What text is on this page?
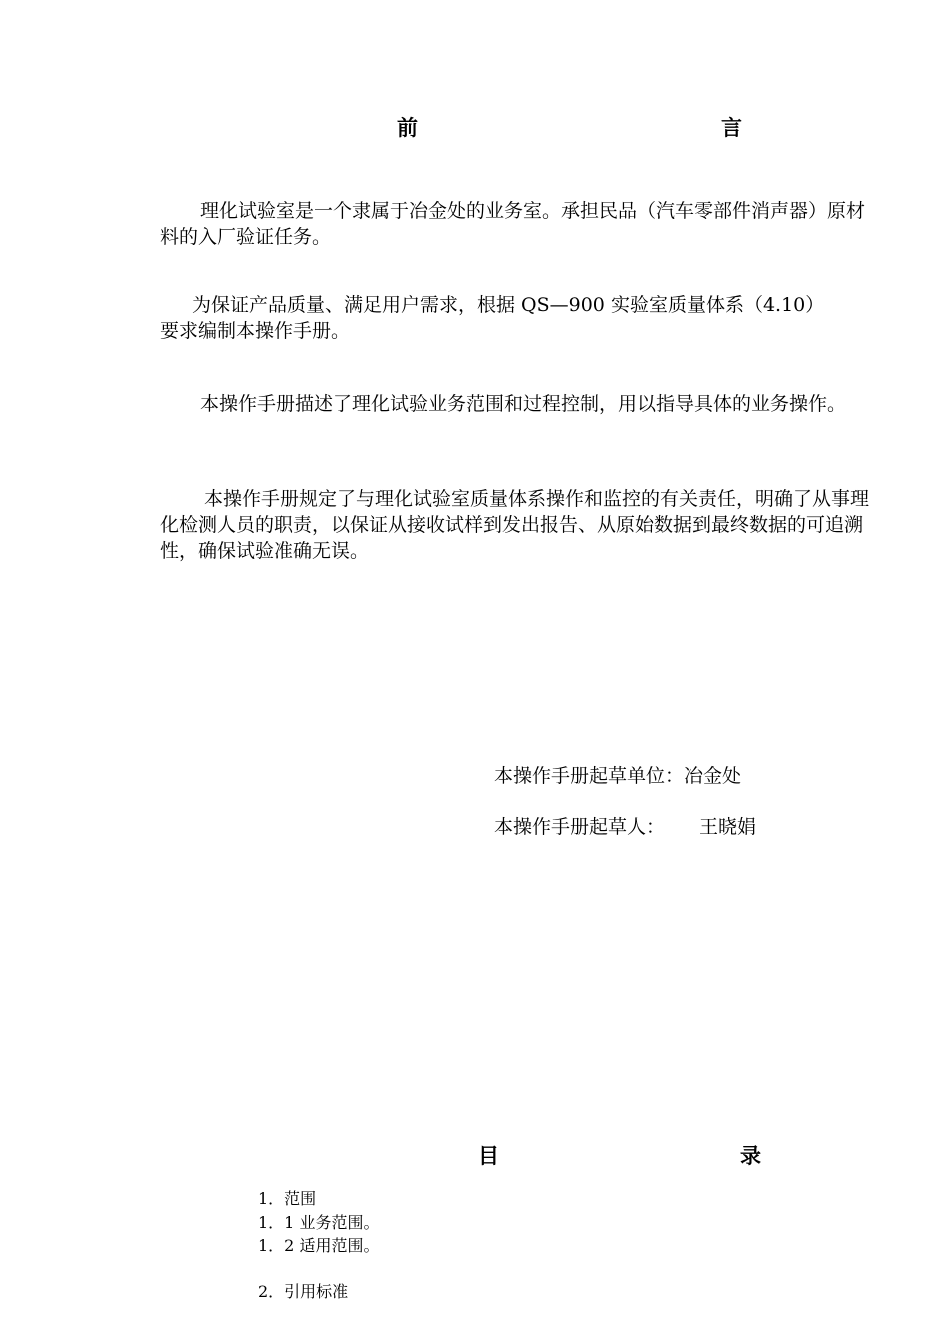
前	言
理化试验室是一个隶属于冶金处的业务室。承担民品（汽车零部件消声器）原材料的入厂验证任务。
为保证产品质量、满足用户需求，根据 QS—900 实验室质量体系（4.10）要求编制本操作手册。
本操作手册描述了理化试验业务范围和过程控制，用以指导具体的业务操作。
本操作手册规定了与理化试验室质量体系操作和监控的有关责任，明确了从事理化检测人员的职责，以保证从接收试样到发出报告、从原始数据到最终数据的可追溯性，确保试验准确无误。
本操作手册起草单位：冶金处
本操作手册起草人： 王晓娟
目	录
1．范围
1．1 业务范围。
1．2 适用范围。
2．引用标准
